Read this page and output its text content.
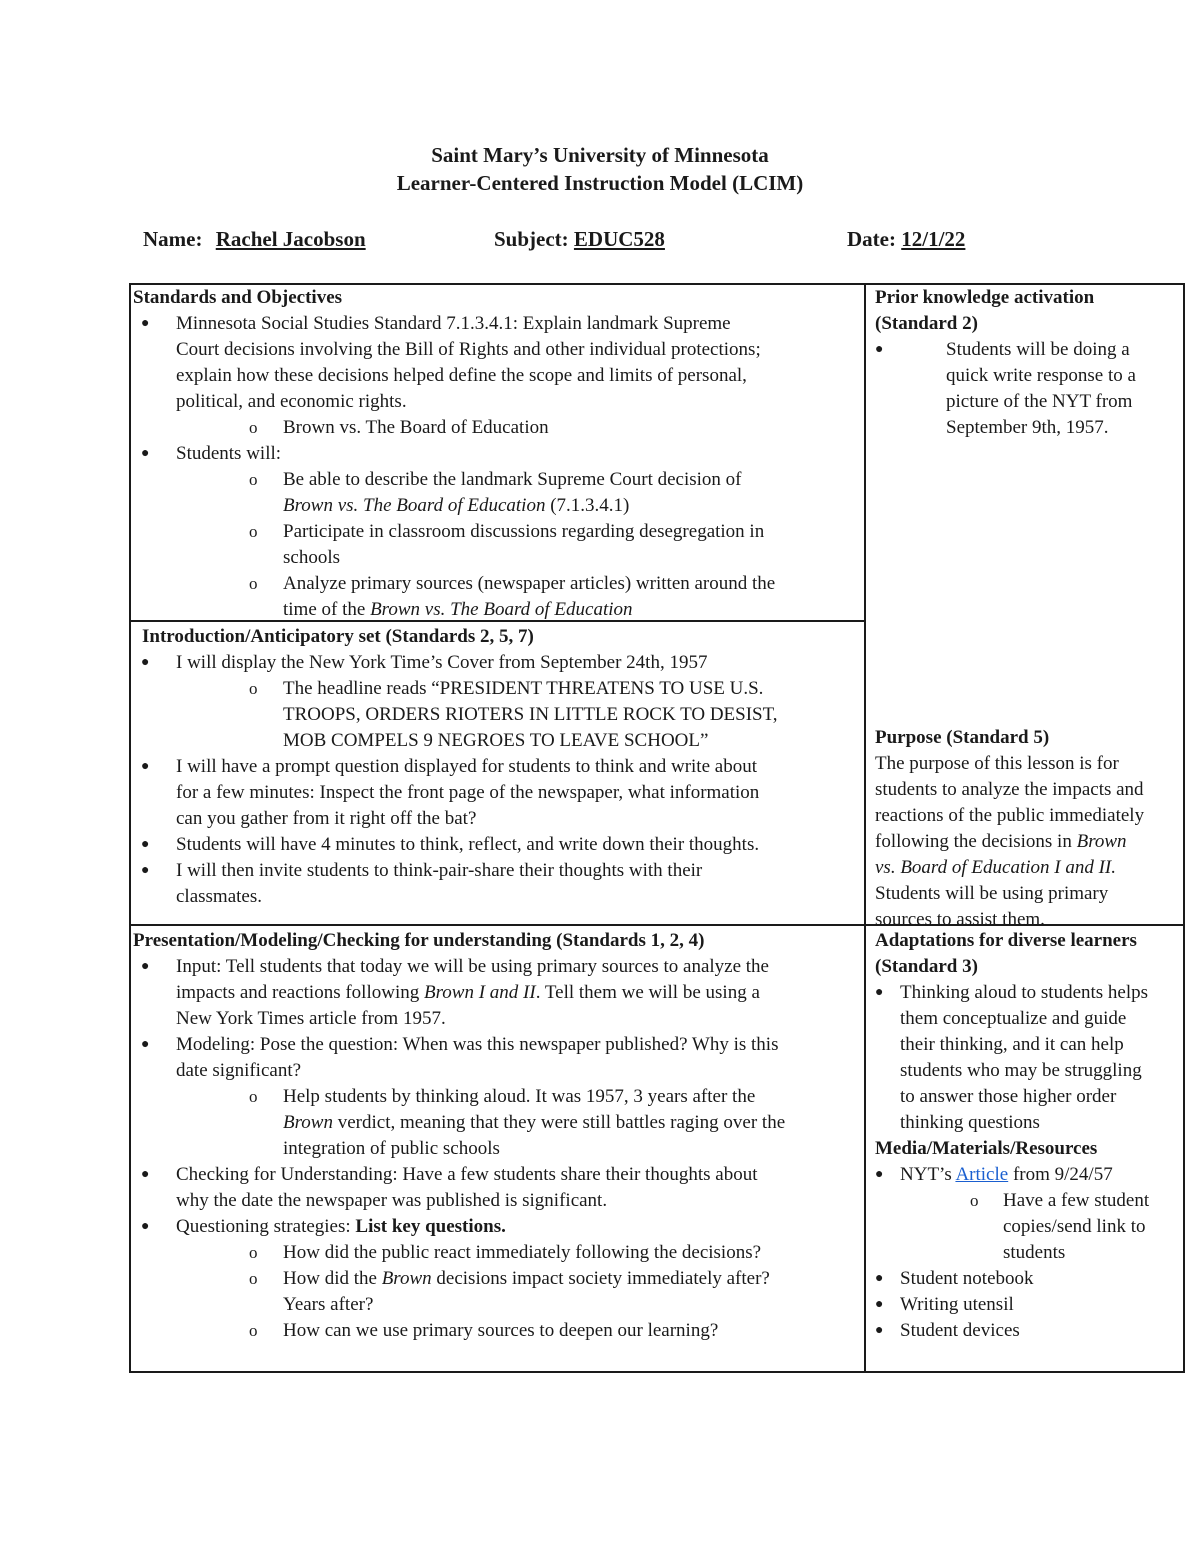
Saint Mary’s University of Minnesota
Learner-Centered Instruction Model (LCIM)
Name: Rachel Jacobson	Subject: EDUC528	Date: 12/1/22
Standards and Objectives
● Minnesota Social Studies Standard 7.1.3.4.1: Explain landmark Supreme
Court decisions involving the Bill of Rights and other individual protections;
explain how these decisions helped define the scope and limits of personal,
political, and economic rights.
o Brown vs. The Board of Education
● Students will:
o Be able to describe the landmark Supreme Court decision of
Brown vs. The Board of Education (7.1.3.4.1)
o Participate in classroom discussions regarding desegregation in
schools
o Analyze primary sources (newspaper articles) written around the
time of the Brown vs. The Board of Education
Prior knowledge activation
(Standard 2)
●	Students will be doing a
quick write response to a
picture of the NYT from
September 9th, 1957.
Introduction/Anticipatory set (Standards 2, 5, 7)
● I will display the New York Time’s Cover from September 24th, 1957
o The headline reads “PRESIDENT THREATENS TO USE U.S.
TROOPS, ORDERS RIOTERS IN LITTLE ROCK TO DESIST,
MOB COMPELS 9 NEGROES TO LEAVE SCHOOL”
● I will have a prompt question displayed for students to think and write about
for a few minutes: Inspect the front page of the newspaper, what information
can you gather from it right off the bat?
● Students will have 4 minutes to think, reflect, and write down their thoughts.
● I will then invite students to think-pair-share their thoughts with their
classmates.
Purpose (Standard 5)
The purpose of this lesson is for
students to analyze the impacts and
reactions of the public immediately
following the decisions in Brown
vs. Board of Education I and II.
Students will be using primary
sources to assist them.
Presentation/Modeling/Checking for understanding (Standards 1, 2, 4)
● Input: Tell students that today we will be using primary sources to analyze the
impacts and reactions following Brown I and II. Tell them we will be using a
New York Times article from 1957.
● Modeling: Pose the question: When was this newspaper published? Why is this
date significant?
o Help students by thinking aloud. It was 1957, 3 years after the
Brown verdict, meaning that they were still battles raging over the
integration of public schools
● Checking for Understanding: Have a few students share their thoughts about
why the date the newspaper was published is significant.
● Questioning strategies: List key questions.
o How did the public react immediately following the decisions?
o How did the Brown decisions impact society immediately after?
Years after?
o How can we use primary sources to deepen our learning?
Adaptations for diverse learners
(Standard 3)
● Thinking aloud to students helps
them conceptualize and guide
their thinking, and it can help
students who may be struggling
to answer those higher order
thinking questions
Media/Materials/Resources
● NYT’s Article from 9/24/57
o Have a few student
copies/send link to
students
● Student notebook
● Writing utensil
● Student devices
